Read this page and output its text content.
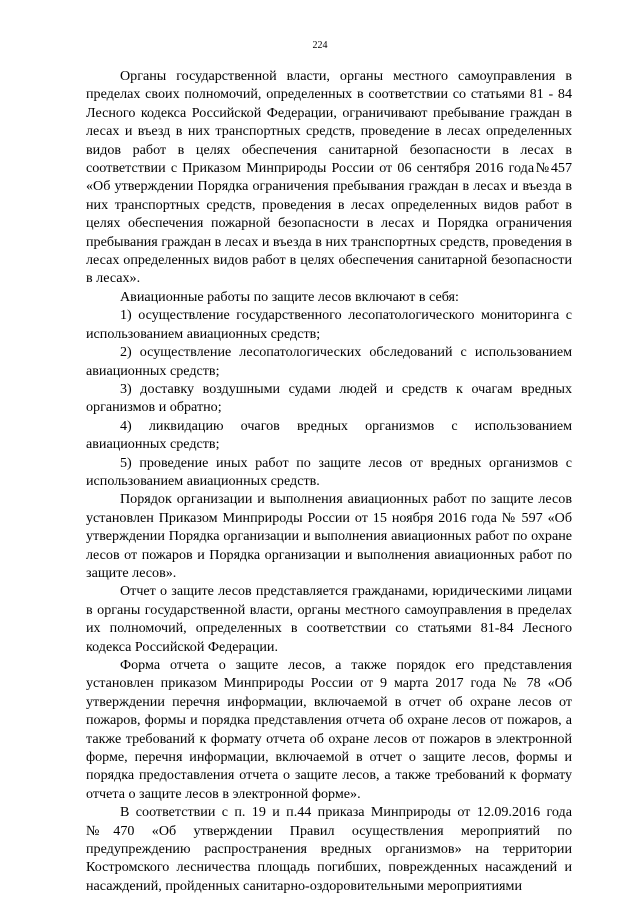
224

Органы государственной власти, органы местного самоуправления в пределах своих полномочий, определенных в соответствии со статьями 81 - 84 Лесного кодекса Российской Федерации, ограничивают пребывание граждан в лесах и въезд в них транспортных средств, проведение в лесах определенных видов работ в целях обеспечения санитарной безопасности в лесах в соответствии с Приказом Минприроды России от 06 сентября 2016 года№457 «Об утверждении Порядка ограничения пребывания граждан в лесах и въезда в них транспортных средств, проведения в лесах определенных видов работ в целях обеспечения пожарной безопасности в лесах и Порядка ограничения пребывания граждан в лесах и въезда в них транспортных средств, проведения в лесах определенных видов работ в целях обеспечения санитарной безопасности в лесах».

Авиационные работы по защите лесов включают в себя:

1) осуществление государственного лесопатологического мониторинга с использованием авиационных средств;

2) осуществление лесопатологических обследований с использованием авиационных средств;

3) доставку воздушными судами людей и средств к очагам вредных организмов и обратно;

4) ликвидацию очагов вредных организмов с использованием авиационных средств;

5) проведение иных работ по защите лесов от вредных организмов с использованием авиационных средств.

Порядок организации и выполнения авиационных работ по защите лесов установлен Приказом Минприроды России от 15 ноября 2016 года № 597 «Об утверждении Порядка организации и выполнения авиационных работ по охране лесов от пожаров и Порядка организации и выполнения авиационных работ по защите лесов».

Отчет о защите лесов представляется гражданами, юридическими лицами в органы государственной власти, органы местного самоуправления в пределах их полномочий, определенных в соответствии со статьями 81-84 Лесного кодекса Российской Федерации.

Форма отчета о защите лесов, а также порядок его представления установлен приказом Минприроды России от 9 марта 2017 года № 78 «Об утверждении перечня информации, включаемой в отчет об охране лесов от пожаров, формы и порядка представления отчета об охране лесов от пожаров, а также требований к формату отчета об охране лесов от пожаров в электронной форме, перечня информации, включаемой в отчет о защите лесов, формы и порядка предоставления отчета о защите лесов, а также требований к формату отчета о защите лесов в электронной форме».

В соответствии с п. 19 и п.44 приказа Минприроды от 12.09.2016 года №470 «Об утверждении Правил осуществления мероприятий по предупреждению распространения вредных организмов» на территории Костромского лесничества площадь погибших, поврежденных насаждений и насаждений, пройденных санитарно-оздоровительными мероприятиями
